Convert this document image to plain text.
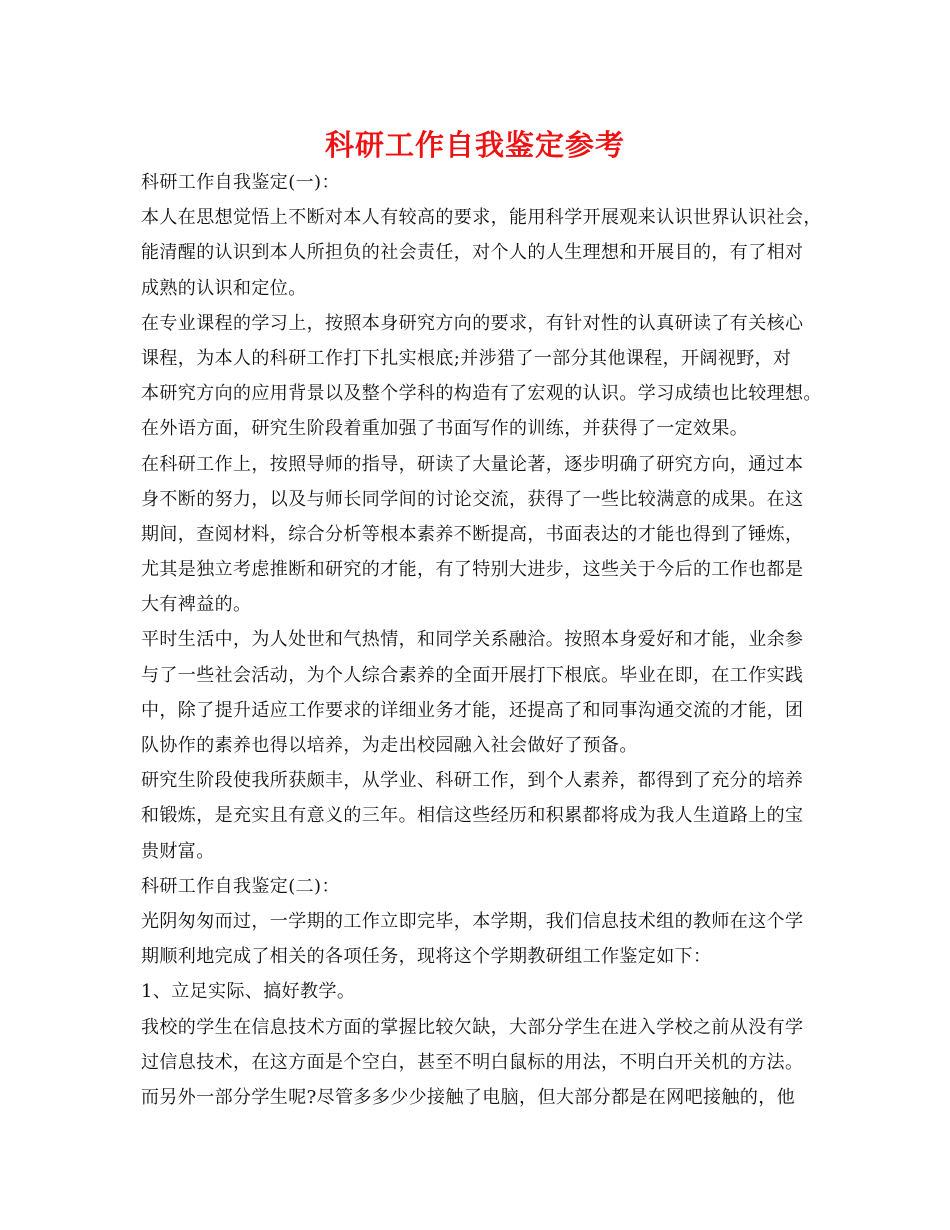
科研工作自我鉴定参考
科研工作自我鉴定(一)：
本人在思想觉悟上不断对本人有较高的要求，能用科学开展观来认识世界认识社会，
能清醒的认识到本人所担负的社会责任，对个人的人生理想和开展目的，有了相对
成熟的认识和定位。
在专业课程的学习上，按照本身研究方向的要求，有针对性的认真研读了有关核心
课程，为本人的科研工作打下扎实根底;并涉猎了一部分其他课程，开阔视野，对
本研究方向的应用背景以及整个学科的构造有了宏观的认识。学习成绩也比较理想。
在外语方面，研究生阶段着重加强了书面写作的训练，并获得了一定效果。
在科研工作上，按照导师的指导，研读了大量论著，逐步明确了研究方向，通过本
身不断的努力，以及与师长同学间的讨论交流，获得了一些比较满意的成果。在这
期间，查阅材料，综合分析等根本素养不断提高，书面表达的才能也得到了锤炼，
尤其是独立考虑推断和研究的才能，有了特别大进步，这些关于今后的工作也都是
大有裨益的。
平时生活中，为人处世和气热情，和同学关系融洽。按照本身爱好和才能，业余参
与了一些社会活动，为个人综合素养的全面开展打下根底。毕业在即，在工作实践
中，除了提升适应工作要求的详细业务才能，还提高了和同事沟通交流的才能，团
队协作的素养也得以培养，为走出校园融入社会做好了预备。
研究生阶段使我所获颇丰，从学业、科研工作，到个人素养，都得到了充分的培养
和锻炼，是充实且有意义的三年。相信这些经历和积累都将成为我人生道路上的宝
贵财富。
科研工作自我鉴定(二)：
光阴匆匆而过，一学期的工作立即完毕，本学期，我们信息技术组的教师在这个学
期顺利地完成了相关的各项任务，现将这个学期教研组工作鉴定如下：
1、立足实际、搞好教学。
我校的学生在信息技术方面的掌握比较欠缺，大部分学生在进入学校之前从没有学
过信息技术，在这方面是个空白，甚至不明白鼠标的用法，不明白开关机的方法。
而另外一部分学生呢?尽管多多少少接触了电脑，但大部分都是在网吧接触的，他
